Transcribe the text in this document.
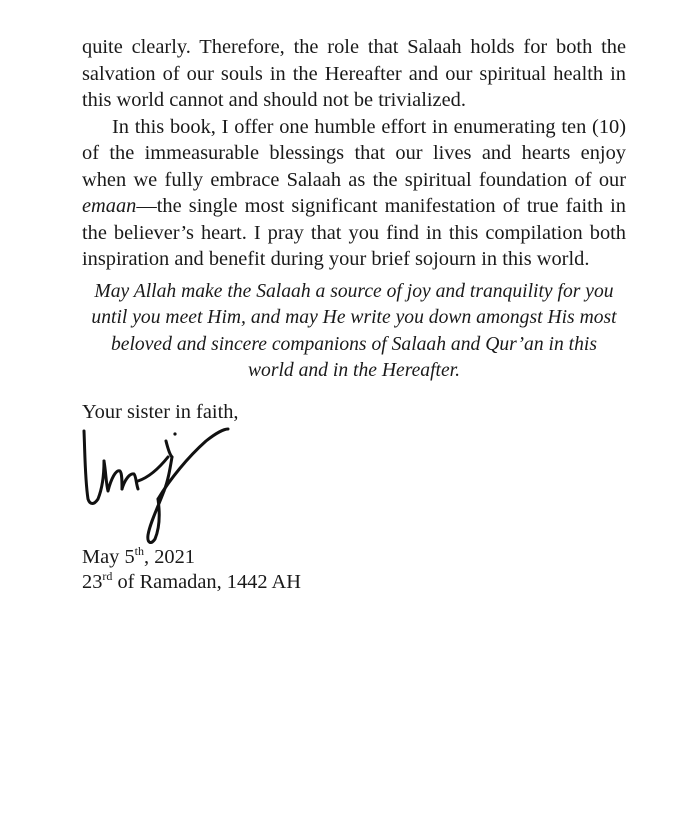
quite clearly. Therefore, the role that Salaah holds for both the salvation of our souls in the Hereafter and our spiritual health in this world cannot and should not be trivialized.

In this book, I offer one humble effort in enumerating ten (10) of the immeasurable blessings that our lives and hearts enjoy when we fully embrace Salaah as the spiritual foundation of our emaan—the single most significant manifestation of true faith in the believer’s heart. I pray that you find in this compilation both inspiration and benefit during your brief sojourn in this world.

May Allah make the Salaah a source of joy and tranquility for you until you meet Him, and may He write you down amongst His most beloved and sincere companions of Salaah and Qur’an in this world and in the Hereafter.

Your sister in faith,

May 5th, 2021
23rd of Ramadan, 1442 AH
